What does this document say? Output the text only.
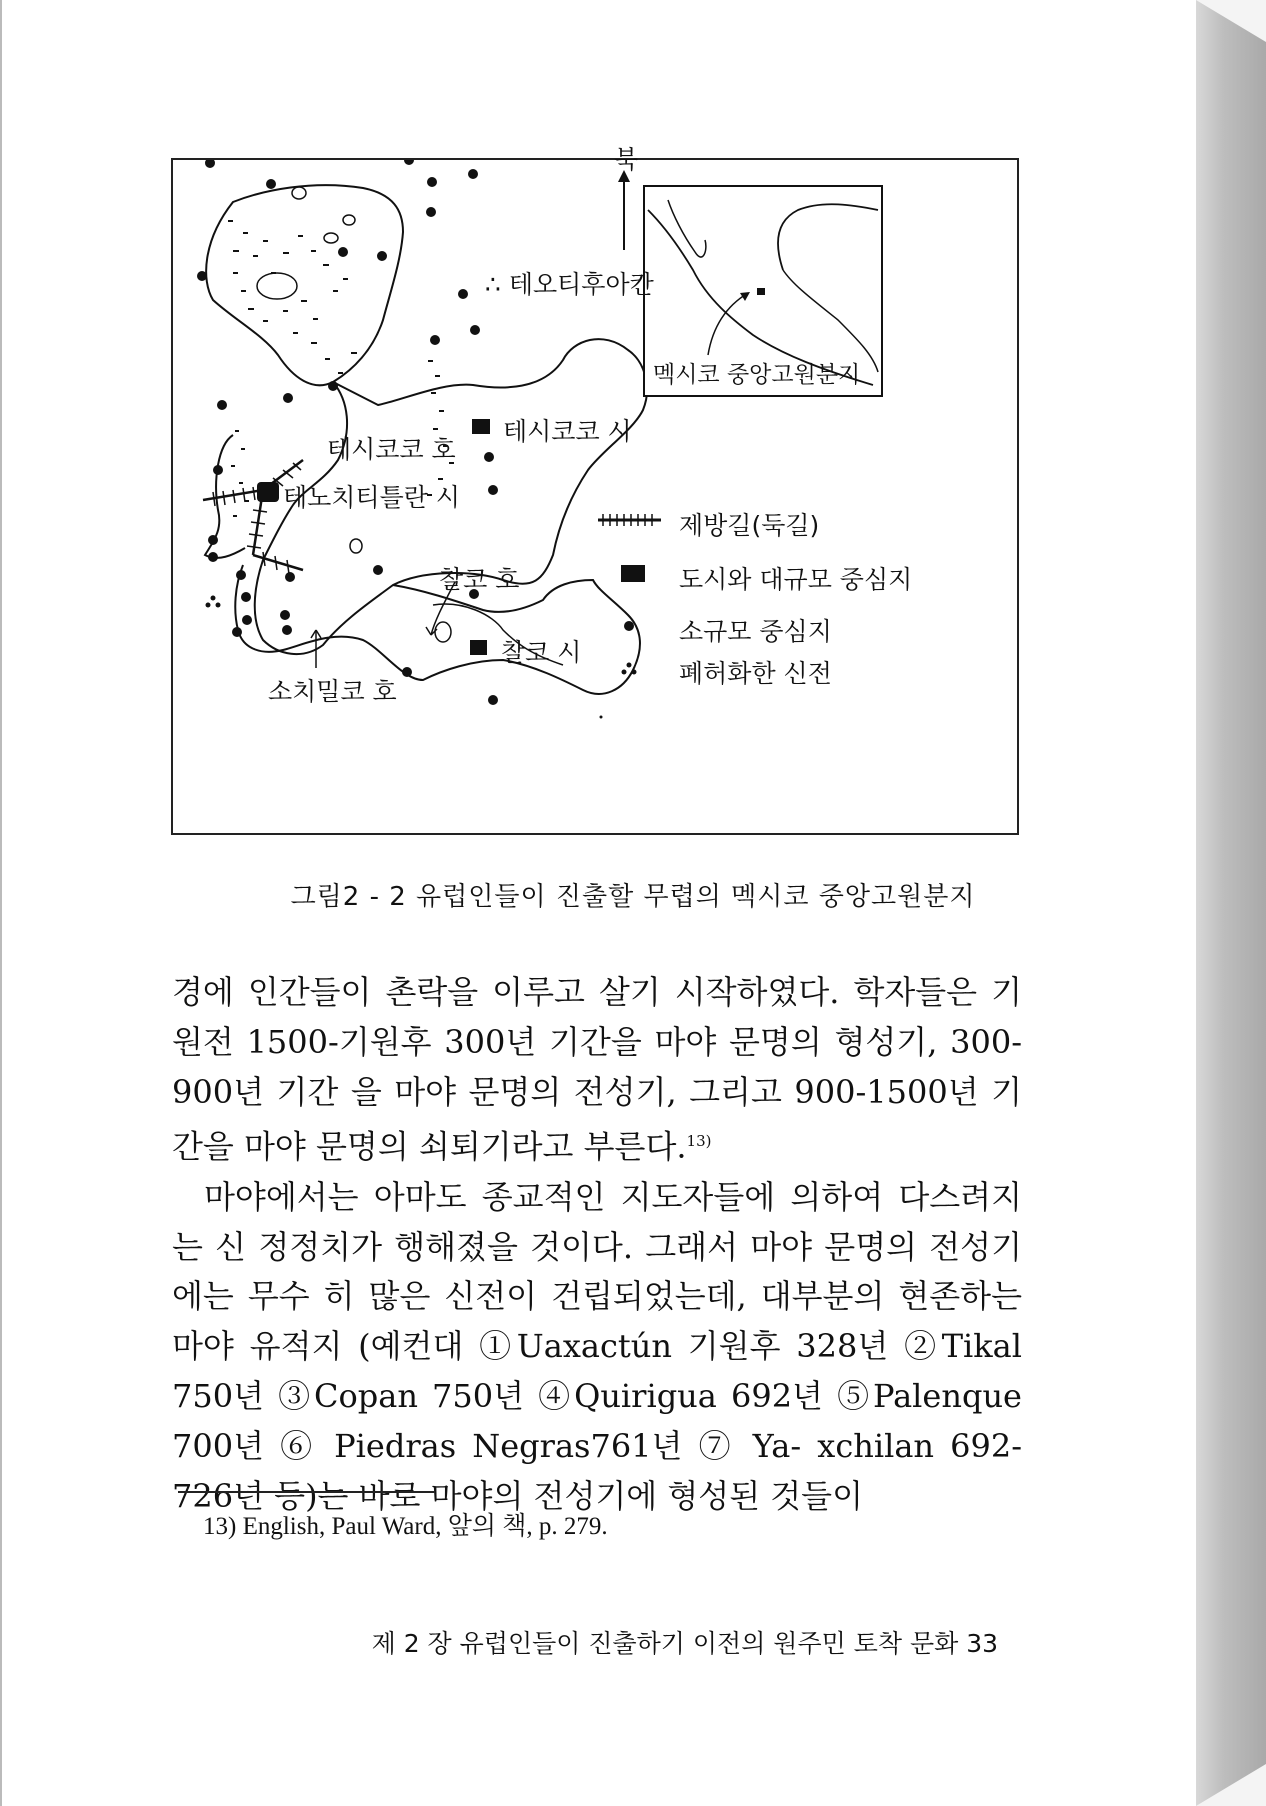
북
∴ 테오티후아칸
테시코코 호
테시코코 시
테노치티틀란 시
찰코 호
찰코 시
소치밀코 호
멕시코 중앙고원분지
제방길(둑길)
도시와 대규모 중심지
소규모 중심지
폐허화한 신전
그림2 - 2 유럽인들이 진출할 무렵의 멕시코 중앙고원분지

경에 인간들이 촌락을 이루고 살기 시작하였다. 학자들은 기원전 1500-기원후 300년 기간을 마야 문명의 형성기, 300-900년 기간 을 마야 문명의 전성기, 그리고 900-1500년 기간을 마야 문명의 쇠퇴기라고 부른다.$^{13)}$

마야에서는 아마도 종교적인 지도자들에 의하여 다스려지는 신 정정치가 행해졌을 것이다. 그래서 마야 문명의 전성기에는 무수 히 많은 신전이 건립되었는데, 대부분의 현존하는 마야 유적지 (예컨대 ①Uaxactún 기원후 328년 ②Tikal 750년 ③Copan 750년 ④Quirigua 692년 ⑤Palenque 700년 ⑥ Piedras Negras761년 ⑦ Ya- xchilan 692-726년 등)는 바로 마야의 전성기에 형성된 것들이

13) English, Paul Ward, 앞의 책, p. 279.
제 2 장 유럽인들이 진출하기 이전의 원주민 토착 문화 33
